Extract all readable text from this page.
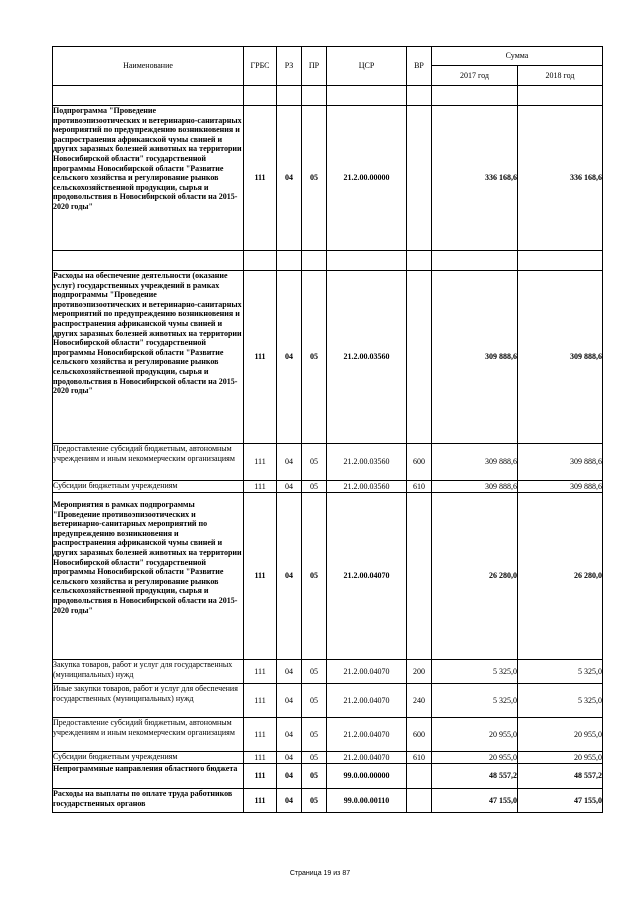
Наименование	ГРБС	РЗ	ПР	ЦСР	ВР	Сумма	
						2017 год	2018 год

Подпрограмма "Проведение противоэпизоотических и ветеринарно-санитарных мероприятий по предупреждению возникновения и распространения африканской чумы свиней и других заразных болезней животных на территории Новосибирской области" государственной программы Новосибирской области "Развитие сельского хозяйства и регулирование рынков сельскохозяйственной продукции, сырья и продовольствия в Новосибирской области на 2015-2020 годы"	111	04	05	21.2.00.00000		336 168,6	336 168,6

Расходы на обеспечение деятельности (оказание услуг) государственных учреждений в рамках подпрограммы "Проведение противоэпизоотических и ветеринарно-санитарных мероприятий по предупреждению возникновения и распространения африканской чумы свиней и других заразных болезней животных на территории Новосибирской области" государственной программы Новосибирской области "Развитие сельского хозяйства и регулирование рынков сельскохозяйственной продукции, сырья и продовольствия в Новосибирской области на 2015-2020 годы"	111	04	05	21.2.00.03560		309 888,6	309 888,6
Предоставление субсидий бюджетным, автономным учреждениям и иным некоммерческим организациям	111	04	05	21.2.00.03560	600	309 888,6	309 888,6
Субсидии бюджетным учреждениям	111	04	05	21.2.00.03560	610	309 888,6	309 888,6
Мероприятия в рамках подпрограммы "Проведение противоэпизоотических и ветеринарно-санитарных мероприятий по предупреждению возникновения и распространения африканской чумы свиней и других заразных болезней животных на территории Новосибирской области" государственной программы Новосибирской области "Развитие сельского хозяйства и регулирование рынков сельскохозяйственной продукции, сырья и продовольствия в Новосибирской области на 2015-2020 годы"	111	04	05	21.2.00.04070		26 280,0	26 280,0
Закупка товаров, работ и услуг для государственных (муниципальных) нужд	111	04	05	21.2.00.04070	200	5 325,0	5 325,0
Иные закупки товаров, работ и услуг для обеспечения государственных (муниципальных) нужд	111	04	05	21.2.00.04070	240	5 325,0	5 325,0
Предоставление субсидий бюджетным, автономным учреждениям и иным некоммерческим организациям	111	04	05	21.2.00.04070	600	20 955,0	20 955,0
Субсидии бюджетным учреждениям	111	04	05	21.2.00.04070	610	20 955,0	20 955,0
Непрограммные направления областного бюджета	111	04	05	99.0.00.00000		48 557,2	48 557,2
Расходы на выплаты по оплате труда работников государственных органов	111	04	05	99.0.00.00110		47 155,0	47 155,0
Страница 19 из 87
